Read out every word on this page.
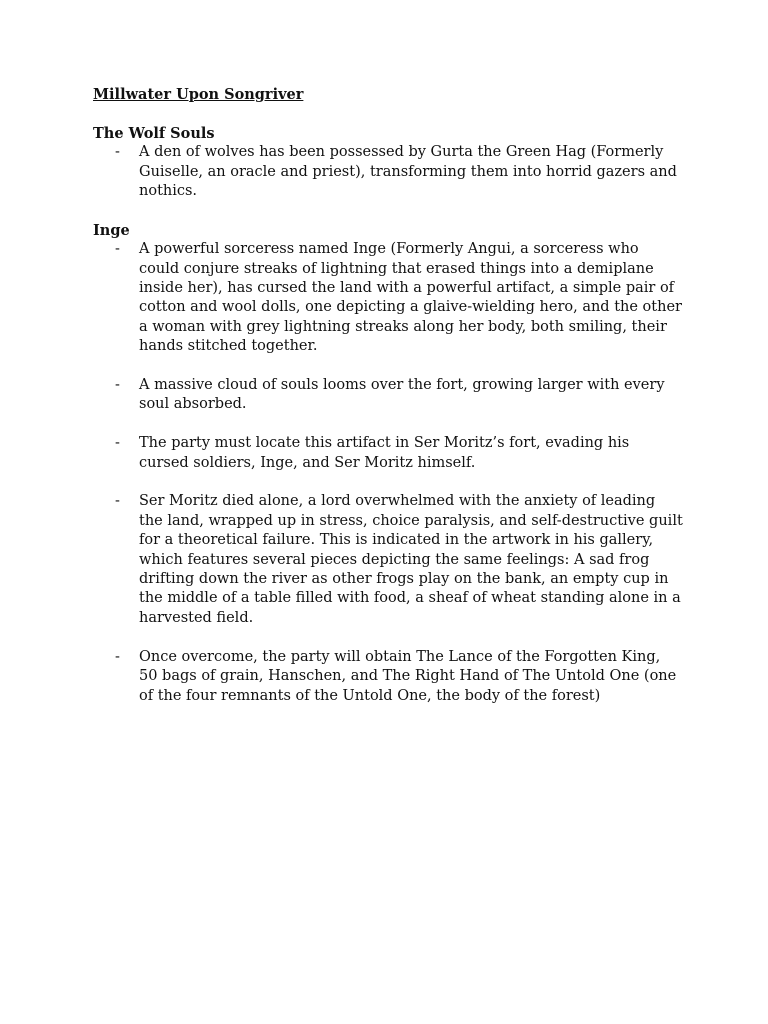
Millwater Upon Songriver
The Wolf Souls
- A den of wolves has been possessed by Gurta the Green Hag (Formerly Guiselle, an oracle and priest), transforming them into horrid gazers and nothics.
Inge
- A powerful sorceress named Inge (Formerly Angui, a sorceress who could conjure streaks of lightning that erased things into a demiplane inside her), has cursed the land with a powerful artifact, a simple pair of cotton and wool dolls, one depicting a glaive-wielding hero, and the other a woman with grey lightning streaks along her body, both smiling, their hands stitched together.
- A massive cloud of souls looms over the fort, growing larger with every soul absorbed.
- The party must locate this artifact in Ser Moritz’s fort, evading his cursed soldiers, Inge, and Ser Moritz himself.
- Ser Moritz died alone, a lord overwhelmed with the anxiety of leading the land, wrapped up in stress, choice paralysis, and self-destructive guilt for a theoretical failure. This is indicated in the artwork in his gallery, which features several pieces depicting the same feelings: A sad frog drifting down the river as other frogs play on the bank, an empty cup in the middle of a table filled with food, a sheaf of wheat standing alone in a harvested field.
- Once overcome, the party will obtain The Lance of the Forgotten King, 50 bags of grain, Hanschen, and The Right Hand of The Untold One (one of the four remnants of the Untold One, the body of the forest)
